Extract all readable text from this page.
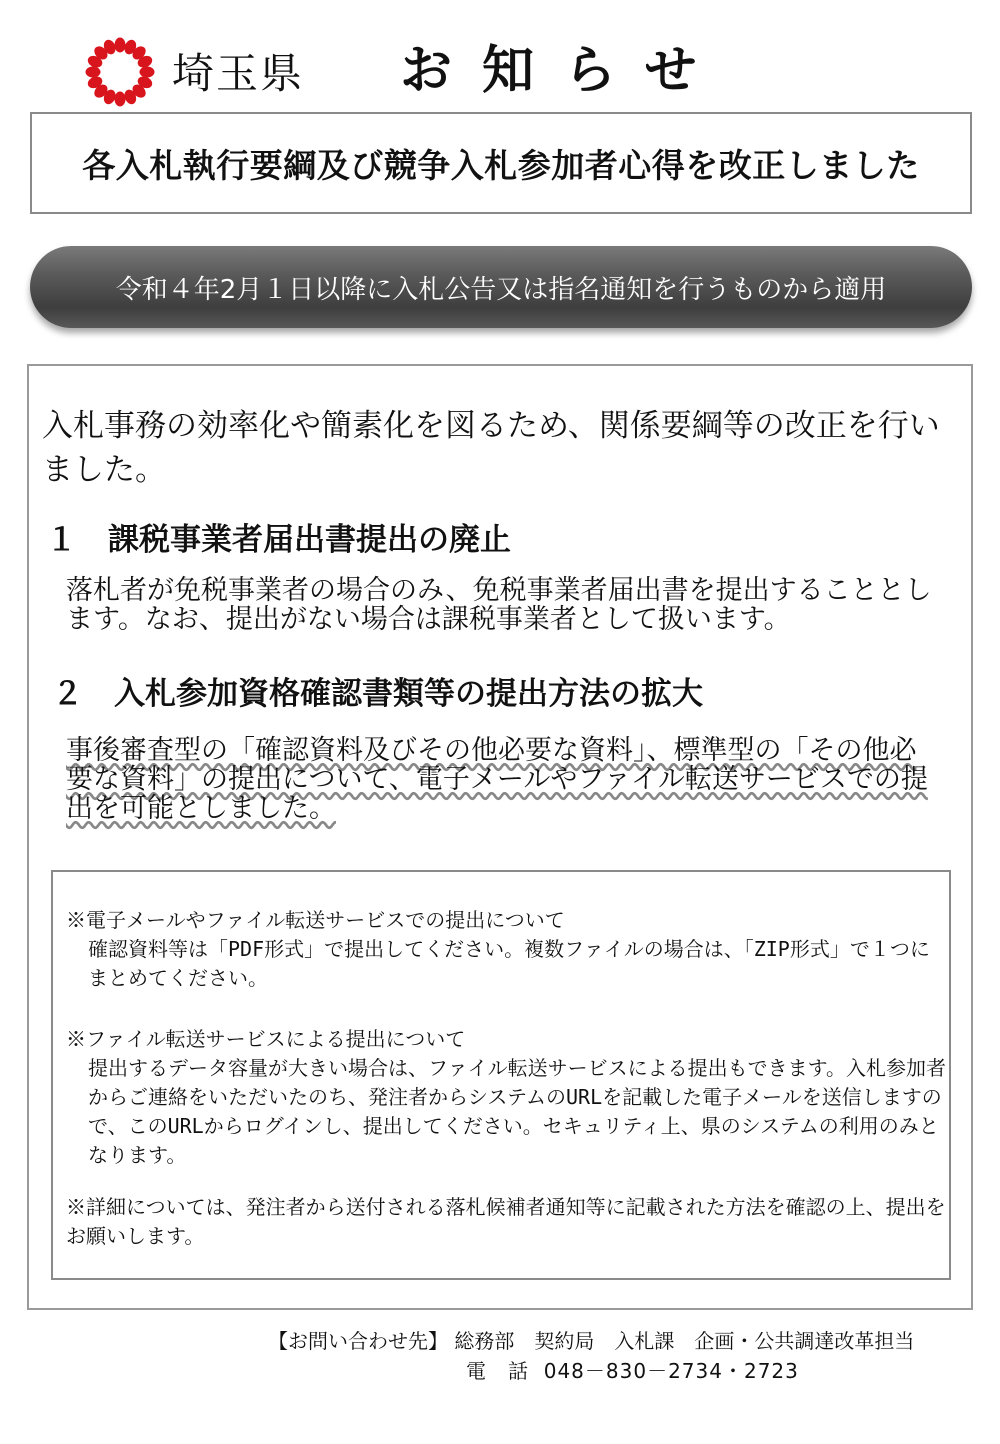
埼玉県 お知らせ
各入札執行要綱及び競争入札参加者心得を改正しました
令和４年2月１日以降に入札公告又は指名通知を行うものから適用
入札事務の効率化や簡素化を図るため、関係要綱等の改正を行いました。
１　課税事業者届出書提出の廃止
落札者が免税事業者の場合のみ、免税事業者届出書を提出することとします。なお、提出がない場合は課税事業者として扱います。
２　入札参加資格確認書類等の提出方法の拡大
事後審査型の「確認資料及びその他必要な資料」、標準型の「その他必要な資料」の提出について、電子メールやファイル転送サービスでの提出を可能としました。
※電子メールやファイル転送サービスでの提出について
確認資料等は「PDF形式」で提出してください。複数ファイルの場合は、「ZIP形式」で１つにまとめてください。
※ファイル転送サービスによる提出について
提出するデータ容量が大きい場合は、ファイル転送サービスによる提出もできます。入札参加者からご連絡をいただいたのち、発注者からシステムのURLを記載した電子メールを送信しますので、このURLからログインし、提出してください。セキュリティ上、県のシステムの利用のみとなります。
※詳細については、発注者から送付される落札候補者通知等に記載された方法を確認の上、提出をお願いします。
【お問い合わせ先】 総務部　契約局　入札課　企画・公共調達改革担当
電　話 048－830－2734・2723
